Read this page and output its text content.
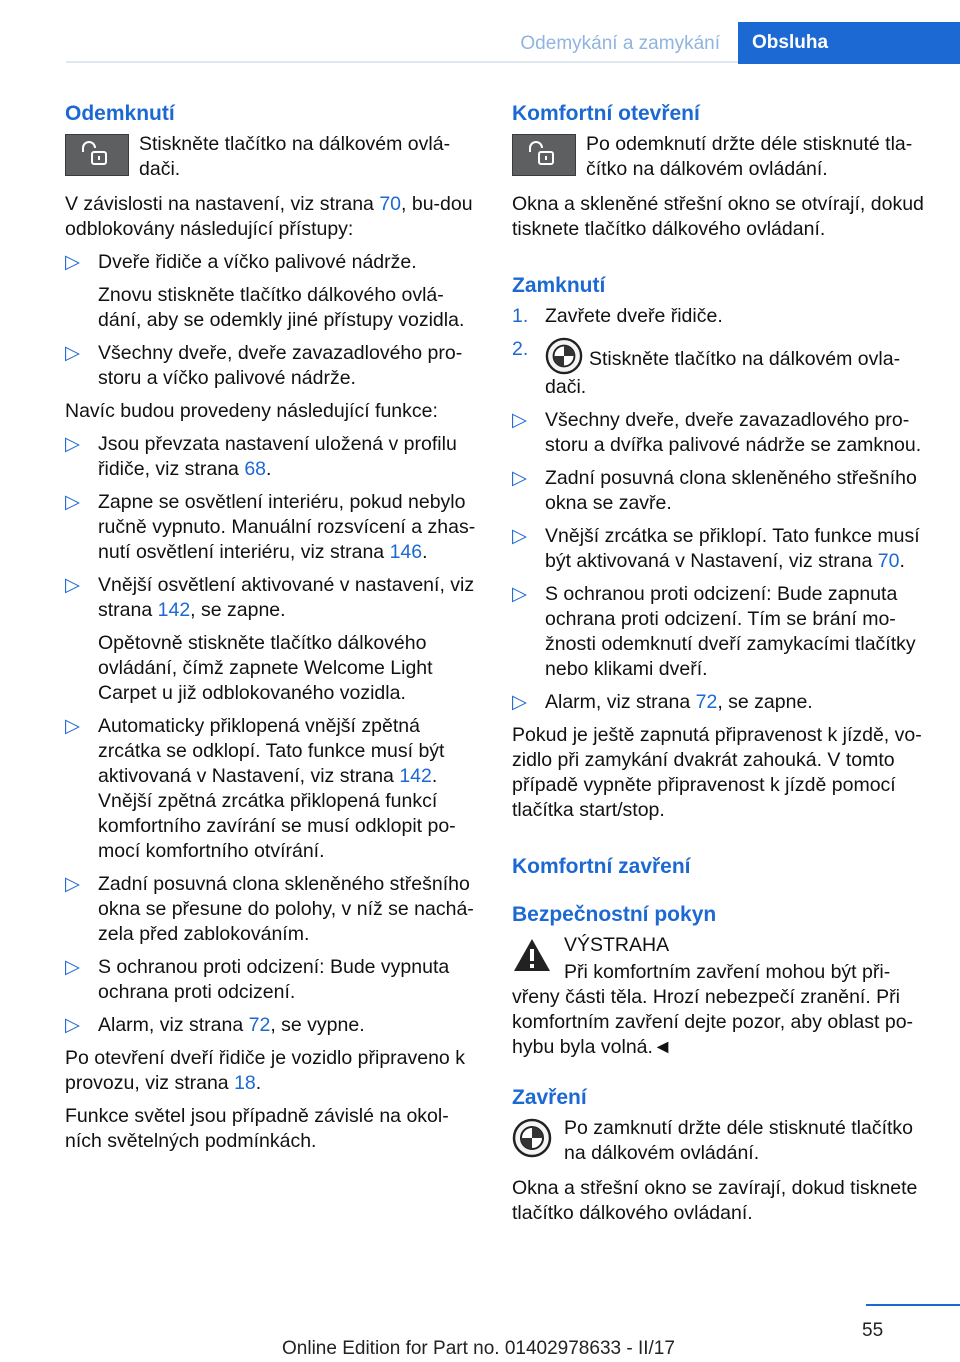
Odemykání a zamykání	Obsluha
Odemknutí
Stiskněte tlačítko na dálkovém ovlá-dači.

V závislosti na nastavení, viz strana 70, bu-dou odblokovány následující přístupy:

▷ Dveře řidiče a víčko palivové nádrže.
Znovu stiskněte tlačítko dálkového ovlá-dání, aby se odemkly jiné přístupy vozidla.
▷ Všechny dveře, dveře zavazadlového pro-storu a víčko palivové nádrže.

Navíc budou provedeny následující funkce:

▷ Jsou převzata nastavení uložená v profilu řidiče, viz strana 68.
▷ Zapne se osvětlení interiéru, pokud nebylo ručně vypnuto. Manuální rozsvícení a zhas-nutí osvětlení interiéru, viz strana 146.
▷ Vnější osvětlení aktivované v nastavení, viz strana 142, se zapne.
Opětovně stiskněte tlačítko dálkového ovládání, čímž zapnete Welcome Light Carpet u již odblokovaného vozidla.
▷ Automaticky přiklopená vnější zpětná zrcátka se odklopí. Tato funkce musí být aktivovaná v Nastavení, viz strana 142. Vnější zpětná zrcátka přiklopená funkcí komfortního zavírání se musí odklopit po-mocí komfortního otvírání.
▷ Zadní posuvná clona skleněného střešního okna se přesune do polohy, v níž se nachá-zela před zablokováním.
▷ S ochranou proti odcizení: Bude vypnuta ochrana proti odcizení.
▷ Alarm, viz strana 72, se vypne.

Po otevření dveří řidiče je vozidlo připraveno k provozu, viz strana 18.

Funkce světel jsou případně závislé na okol-ních světelných podmínkách.

Komfortní otevření
Po odemknutí držte déle stisknuté tla-čítko na dálkovém ovládání.

Okna a skleněné střešní okno se otvírají, dokud tisknete tlačítko dálkového ovládaní.

Zamknutí
1. Zavřete dveře řidiče.
2.	Stiskněte tlačítko na dálkovém ovla-dači.
▷ Všechny dveře, dveře zavazadlového pro-storu a dvířka palivové nádrže se zamknou.
▷ Zadní posuvná clona skleněného střešního okna se zavře.
▷ Vnější zrcátka se přiklopí. Tato funkce musí být aktivovaná v Nastavení, viz strana 70.
▷ S ochranou proti odcizení: Bude zapnuta ochrana proti odcizení. Tím se brání mo-žnosti odemknutí dveří zamykacími tlačítky nebo klikami dveří.
▷ Alarm, viz strana 72, se zapne.

Pokud je ještě zapnutá připravenost k jízdě, vo-zidlo při zamykání dvakrát zahouká. V tomto případě vypněte připravenost k jízdě pomocí tlačítka start/stop.

Komfortní zavření
Bezpečnostní pokyn
VÝSTRAHA

Při komfortním zavření mohou být při-vřeny části těla. Hrozí nebezpečí zranění. Při komfortním zavření dejte pozor, aby oblast po-hybu byla volná.◄

Zavření
Po zamknutí držte déle stisknuté tlačítko na dálkovém ovládání.

Okna a střešní okno se zavírají, dokud tisknete tlačítko dálkového ovládaní.

55
Online Edition for Part no. 01402978633 - II/17
